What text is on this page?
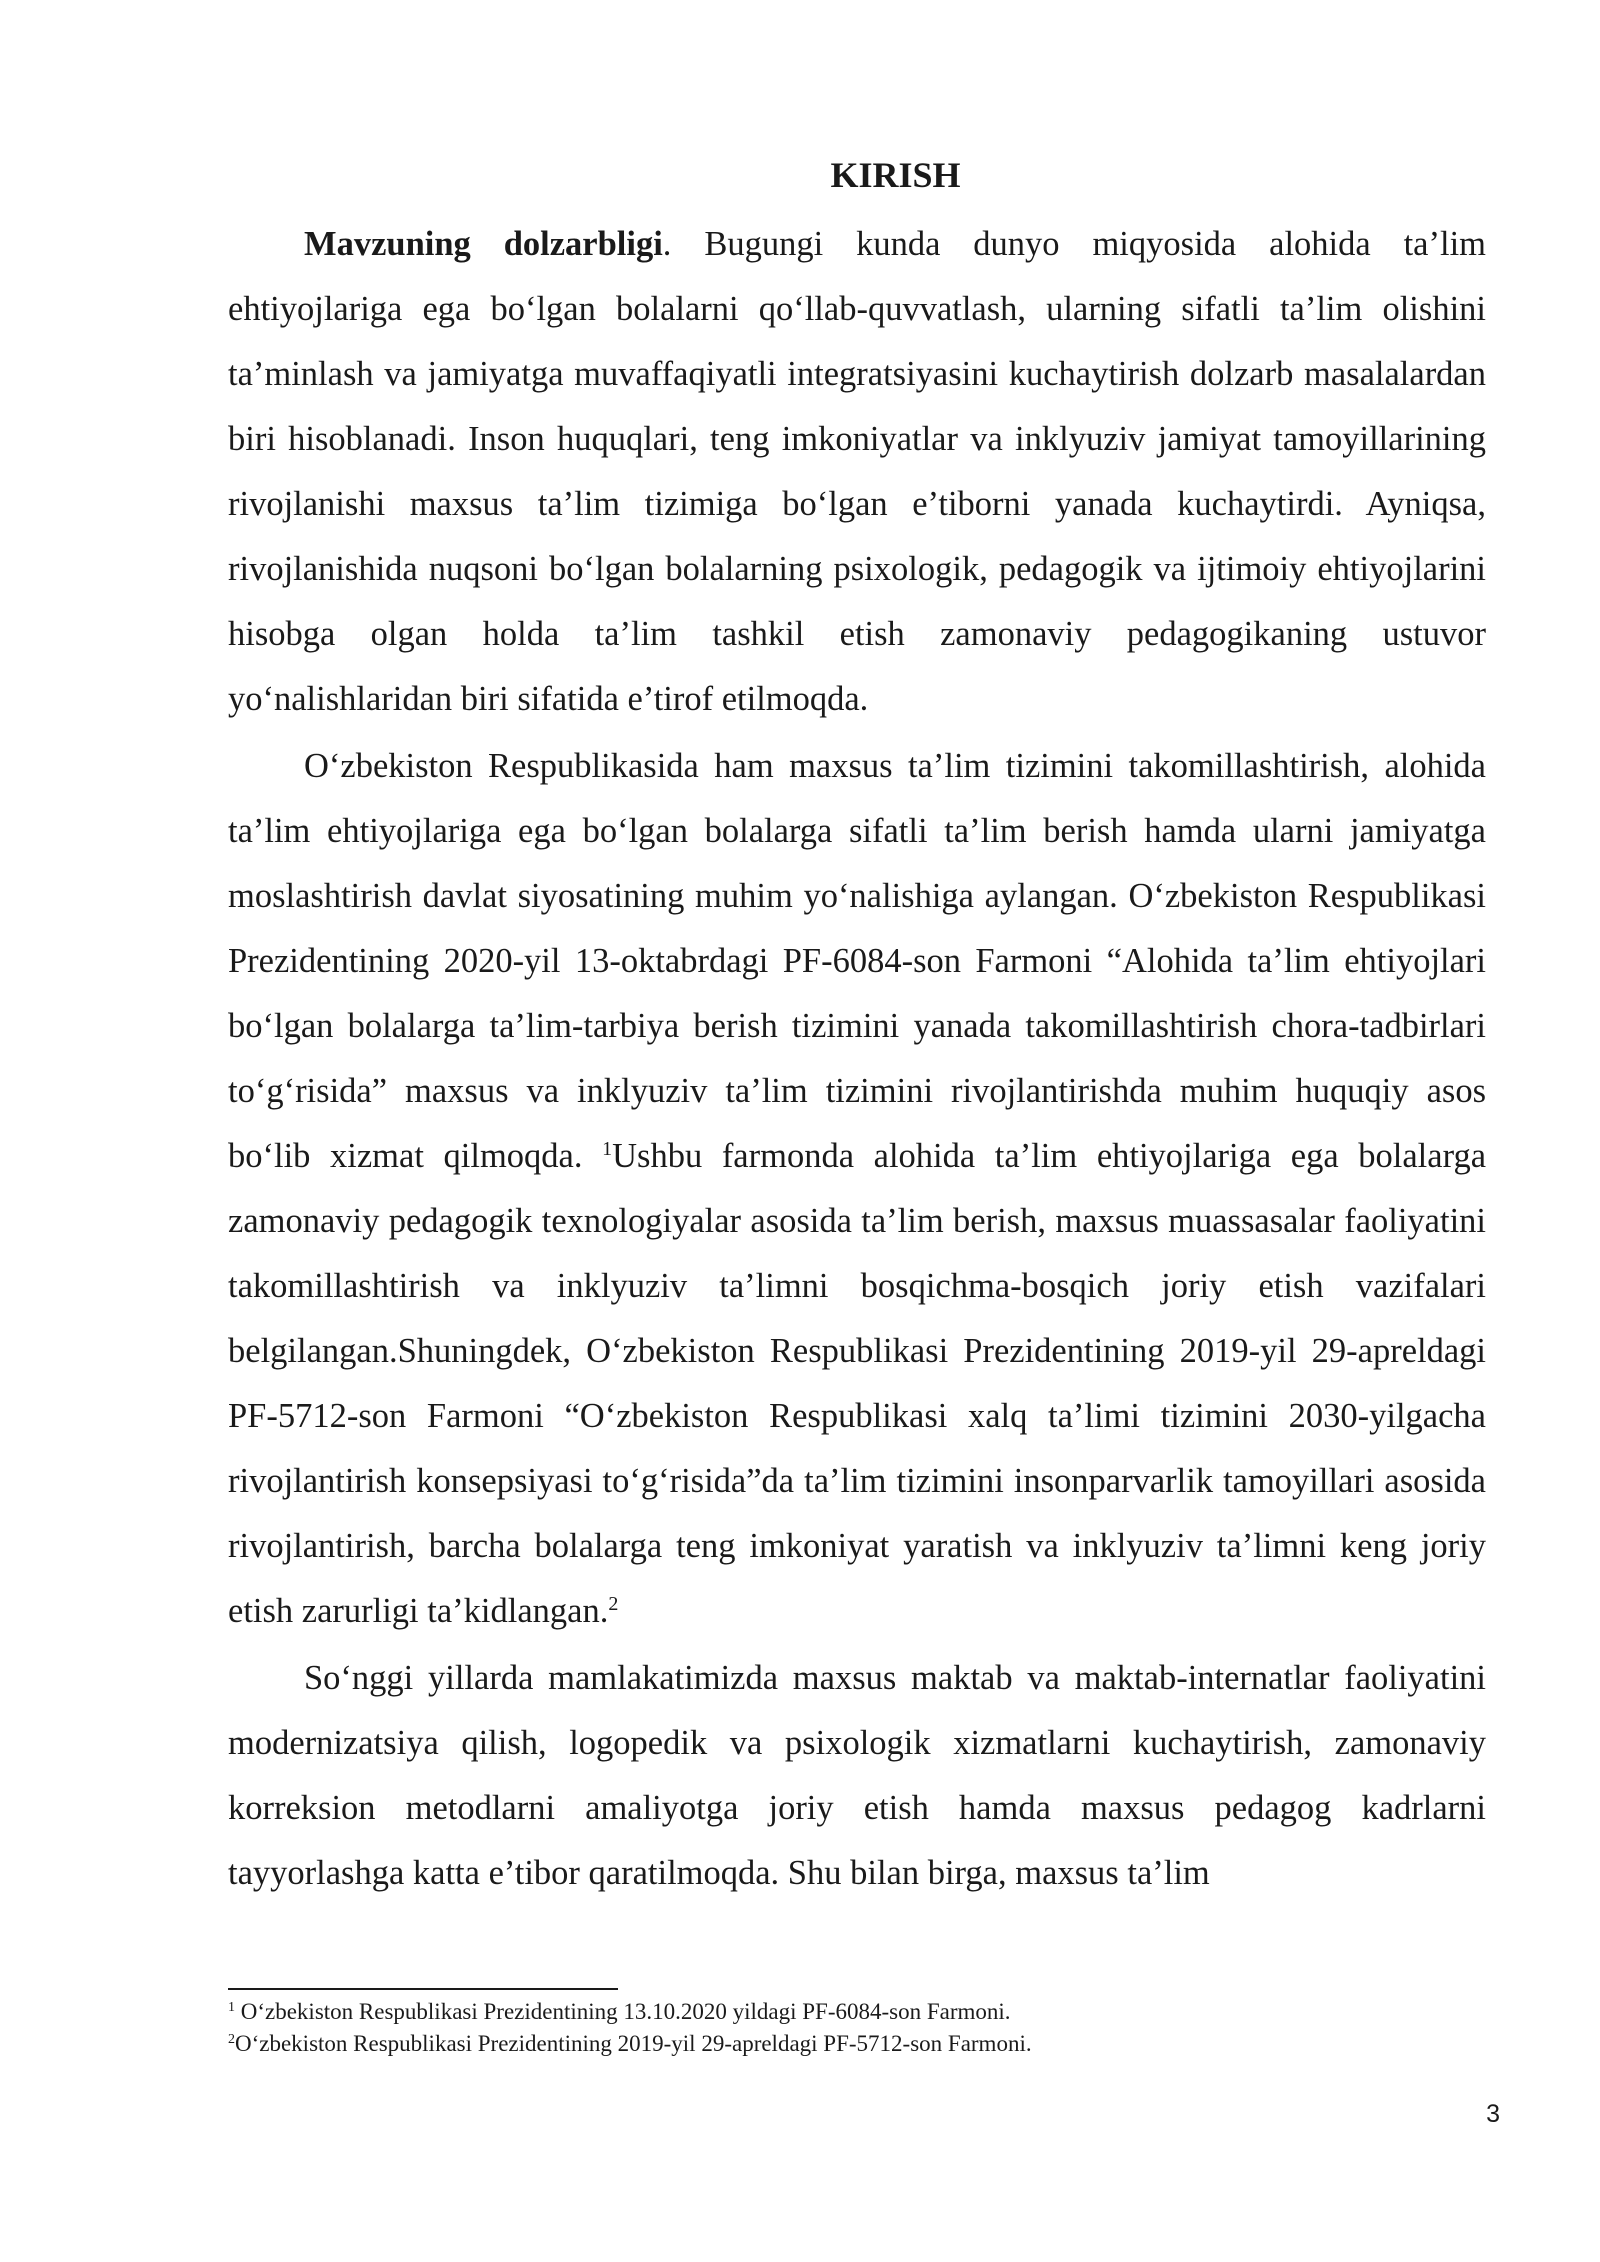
KIRISH

Mavzuning dolzarbligi. Bugungi kunda dunyo miqyosida alohida ta’lim ehtiyojlariga ega bo‘lgan bolalarni qo‘llab-quvvatlash, ularning sifatli ta’lim olishini ta’minlash va jamiyatga muvaffaqiyatli integratsiyasini kuchaytirish dolzarb masalalardan biri hisoblanadi. Inson huquqlari, teng imkoniyatlar va inklyuziv jamiyat tamoyillarining rivojlanishi maxsus ta’lim tizimiga bo‘lgan e’tiborni yanada kuchaytirdi. Ayniqsa, rivojlanishida nuqsoni bo‘lgan bolalarning psixologik, pedagogik va ijtimoiy ehtiyojlarini hisobga olgan holda ta’lim tashkil etish zamonaviy pedagogikaning ustuvor yo‘nalishlaridan biri sifatida e’tirof etilmoqda.

O‘zbekiston Respublikasida ham maxsus ta’lim tizimini takomillashtirish, alohida ta’lim ehtiyojlariga ega bo‘lgan bolalarga sifatli ta’lim berish hamda ularni jamiyatga moslashtirish davlat siyosatining muhim yo‘nalishiga aylangan. O‘zbekiston Respublikasi Prezidentining 2020-yil 13-oktabrdagi PF-6084-son Farmoni “Alohida ta’lim ehtiyojlari bo‘lgan bolalarga ta’lim-tarbiya berish tizimini yanada takomillashtirish chora-tadbirlari to‘g‘risida” maxsus va inklyuziv ta’lim tizimini rivojlantirishda muhim huquqiy asos bo‘lib xizmat qilmoqda. $^1$Ushbu farmonda alohida ta’lim ehtiyojlariga ega bolalarga zamonaviy pedagogik texnologiyalar asosida ta’lim berish, maxsus muassasalar faoliyatini takomillashtirish va inklyuziv ta’limni bosqichma-bosqich joriy etish vazifalari belgilangan.Shuningdek, O‘zbekiston Respublikasi Prezidentining 2019-yil 29-apreldagi PF-5712-son Farmoni “O‘zbekiston Respublikasi xalq ta’limi tizimini 2030-yilgacha rivojlantirish konsepsiyasi to‘g‘risida”da ta’lim tizimini insonparvarlik tamoyillari asosida rivojlantirish, barcha bolalarga teng imkoniyat yaratish va inklyuziv ta’limni keng joriy etish zarurligi ta’kidlangan.$^2$

So‘nggi yillarda mamlakatimizda maxsus maktab va maktab-internatlar faoliyatini modernizatsiya qilish, logopedik va psixologik xizmatlarni kuchaytirish, zamonaviy korreksion metodlarni amaliyotga joriy etish hamda maxsus pedagog kadrlarni tayyorlashga katta e’tibor qaratilmoqda. Shu bilan birga, maxsus ta’lim

$^1$ O‘zbekiston Respublikasi Prezidentining 13.10.2020 yildagi PF-6084-son Farmoni.

$^2$O‘zbekiston Respublikasi Prezidentining 2019-yil 29-apreldagi PF-5712-son Farmoni.

3
